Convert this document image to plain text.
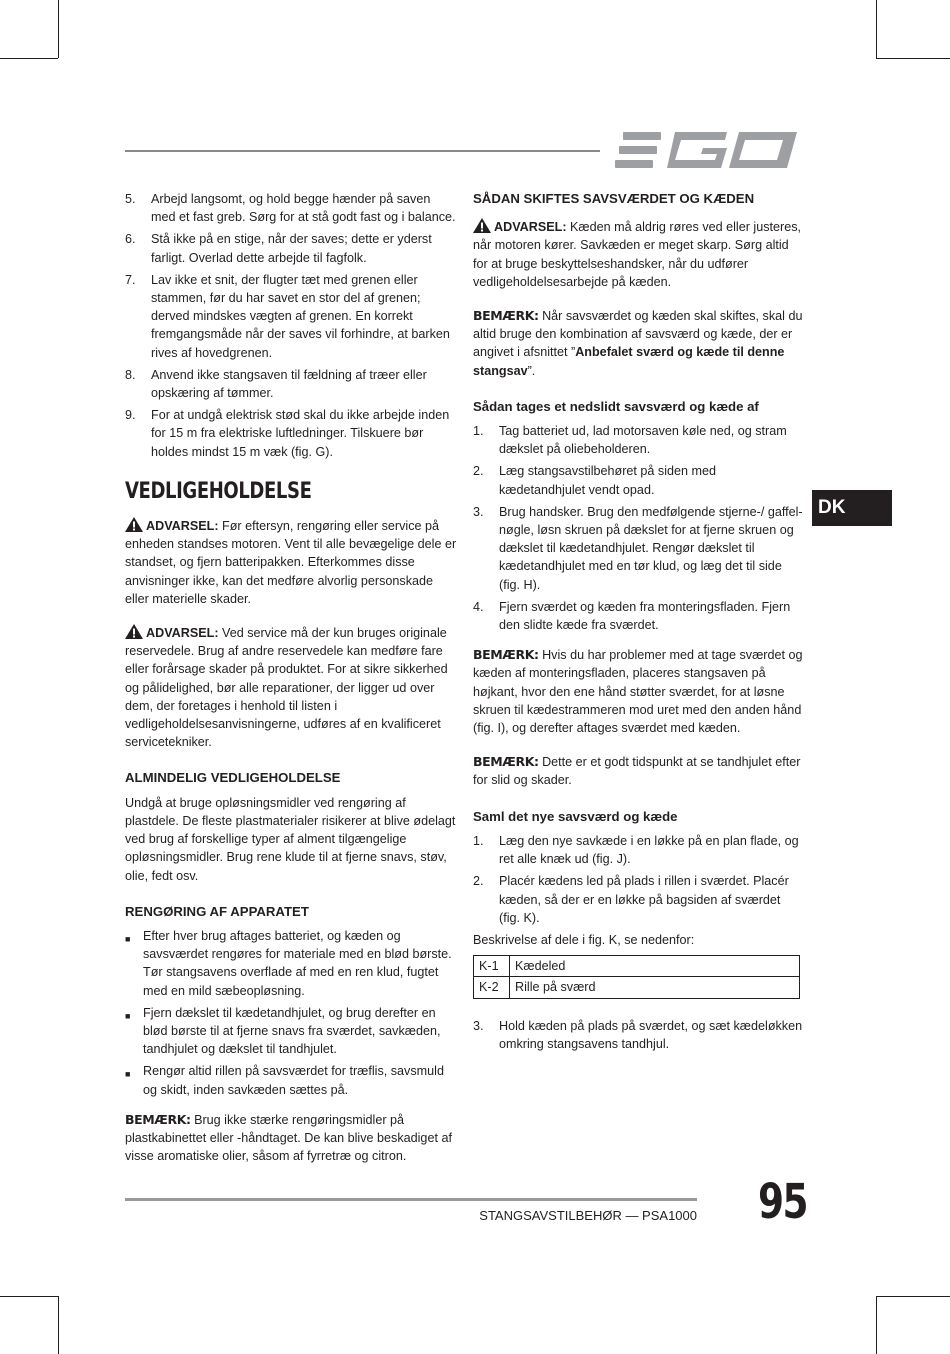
5.	Arbejd langsomt, og hold begge hænder på saven med et fast greb. Sørg for at stå godt fast og i balance.
6.	Stå ikke på en stige, når der saves; dette er yderst farligt. Overlad dette arbejde til fagfolk.
7.	Lav ikke et snit, der flugter tæt med grenen eller stammen, før du har savet en stor del af grenen; derved mindskes vægten af grenen. En korrekt fremgangsmåde når der saves vil forhindre, at barken rives af hovedgrenen.
8.	Anvend ikke stangsaven til fældning af træer eller opskæring af tømmer.
9.	For at undgå elektrisk stød skal du ikke arbejde inden for 15 m fra elektriske luftledninger. Tilskuere bør holdes mindst 15 m væk (fig. G).
VEDLIGEHOLDELSE

ADVARSEL: Før eftersyn, rengøring eller service på enheden standses motoren. Vent til alle bevægelige dele er standset, og fjern batteripakken. Efterkommes disse anvisninger ikke, kan det medføre alvorlig personskade eller materielle skader.

ADVARSEL: Ved service må der kun bruges originale reservedele. Brug af andre reservedele kan medføre fare eller forårsage skader på produktet. For at sikre sikkerhed og pålidelighed, bør alle reparationer, der ligger ud over dem, der foretages i henhold til listen i vedligeholdelsesanvisningerne, udføres af en kvalificeret servicetekniker.

ALMINDELIG VEDLIGEHOLDELSE

Undgå at bruge opløsningsmidler ved rengøring af plastdele. De fleste plastmaterialer risikerer at blive ødelagt ved brug af forskellige typer af alment tilgængelige opløsningsmidler. Brug rene klude til at fjerne snavs, støv, olie, fedt osv.

RENGØRING AF APPARATET
■ Efter hver brug aftages batteriet, og kæden og savsværdet rengøres for materiale med en blød børste. Tør stangsavens overflade af med en ren klud, fugtet med en mild sæbeopløsning.
■ Fjern dækslet til kædetandhjulet, og brug derefter en blød børste til at fjerne snavs fra sværdet, savkæden, tandhjulet og dækslet til tandhjulet.
■ Rengør altid rillen på savsværdet for træflis, savsmuld og skidt, inden savkæden sættes på.

BEMÆRK: Brug ikke stærke rengøringsmidler på plastkabinettet eller -håndtaget. De kan blive beskadiget af visse aromatiske olier, såsom af fyrretræ og citron.

SÅDAN SKIFTES SAVSVÆRDET OG KÆDEN

ADVARSEL: Kæden må aldrig røres ved eller justeres, når motoren kører. Savkæden er meget skarp. Sørg altid for at bruge beskyttelseshandsker, når du udfører vedligeholdelsesarbejde på kæden.

BEMÆRK: Når savsværdet og kæden skal skiftes, skal du altid bruge den kombination af savsværd og kæde, der er angivet i afsnittet ”Anbefalet sværd og kæde til denne stangsav”.

Sådan tages et nedslidt savsværd og kæde af
1.	Tag batteriet ud, lad motorsaven køle ned, og stram dækslet på oliebeholderen.
2.	Læg stangsavstilbehøret på siden med kædetandhjulet vendt opad.
3.	Brug handsker. Brug den medfølgende stjerne-/ gaffel-nøgle, løsn skruen på dækslet for at fjerne skruen og dækslet til kædetandhjulet. Rengør dækslet til kædetandhjulet med en tør klud, og læg det til side (fig. H).
4.	Fjern sværdet og kæden fra monteringsfladen. Fjern den slidte kæde fra sværdet.

BEMÆRK: Hvis du har problemer med at tage sværdet og kæden af monteringsfladen, placeres stangsaven på højkant, hvor den ene hånd støtter sværdet, for at løsne skruen til kædestrammeren mod uret med den anden hånd (fig. I), og derefter aftages sværdet med kæden.

BEMÆRK: Dette er et godt tidspunkt at se tandhjulet efter for slid og skader.

Saml det nye savsværd og kæde
1.	Læg den nye savkæde i en løkke på en plan flade, og ret alle knæk ud (fig. J).
2.	Placér kædens led på plads i rillen i sværdet. Placér kæden, så der er en løkke på bagsiden af sværdet (fig. K).
Beskrivelse af dele i fig. K, se nedenfor:
K-1	Kædeled
K-2	Rille på sværd
3.	Hold kæden på plads på sværdet, og sæt kædeløkken omkring stangsavens tandhjul.
DK
STANGSAVSTILBEHØR — PSA1000 95
